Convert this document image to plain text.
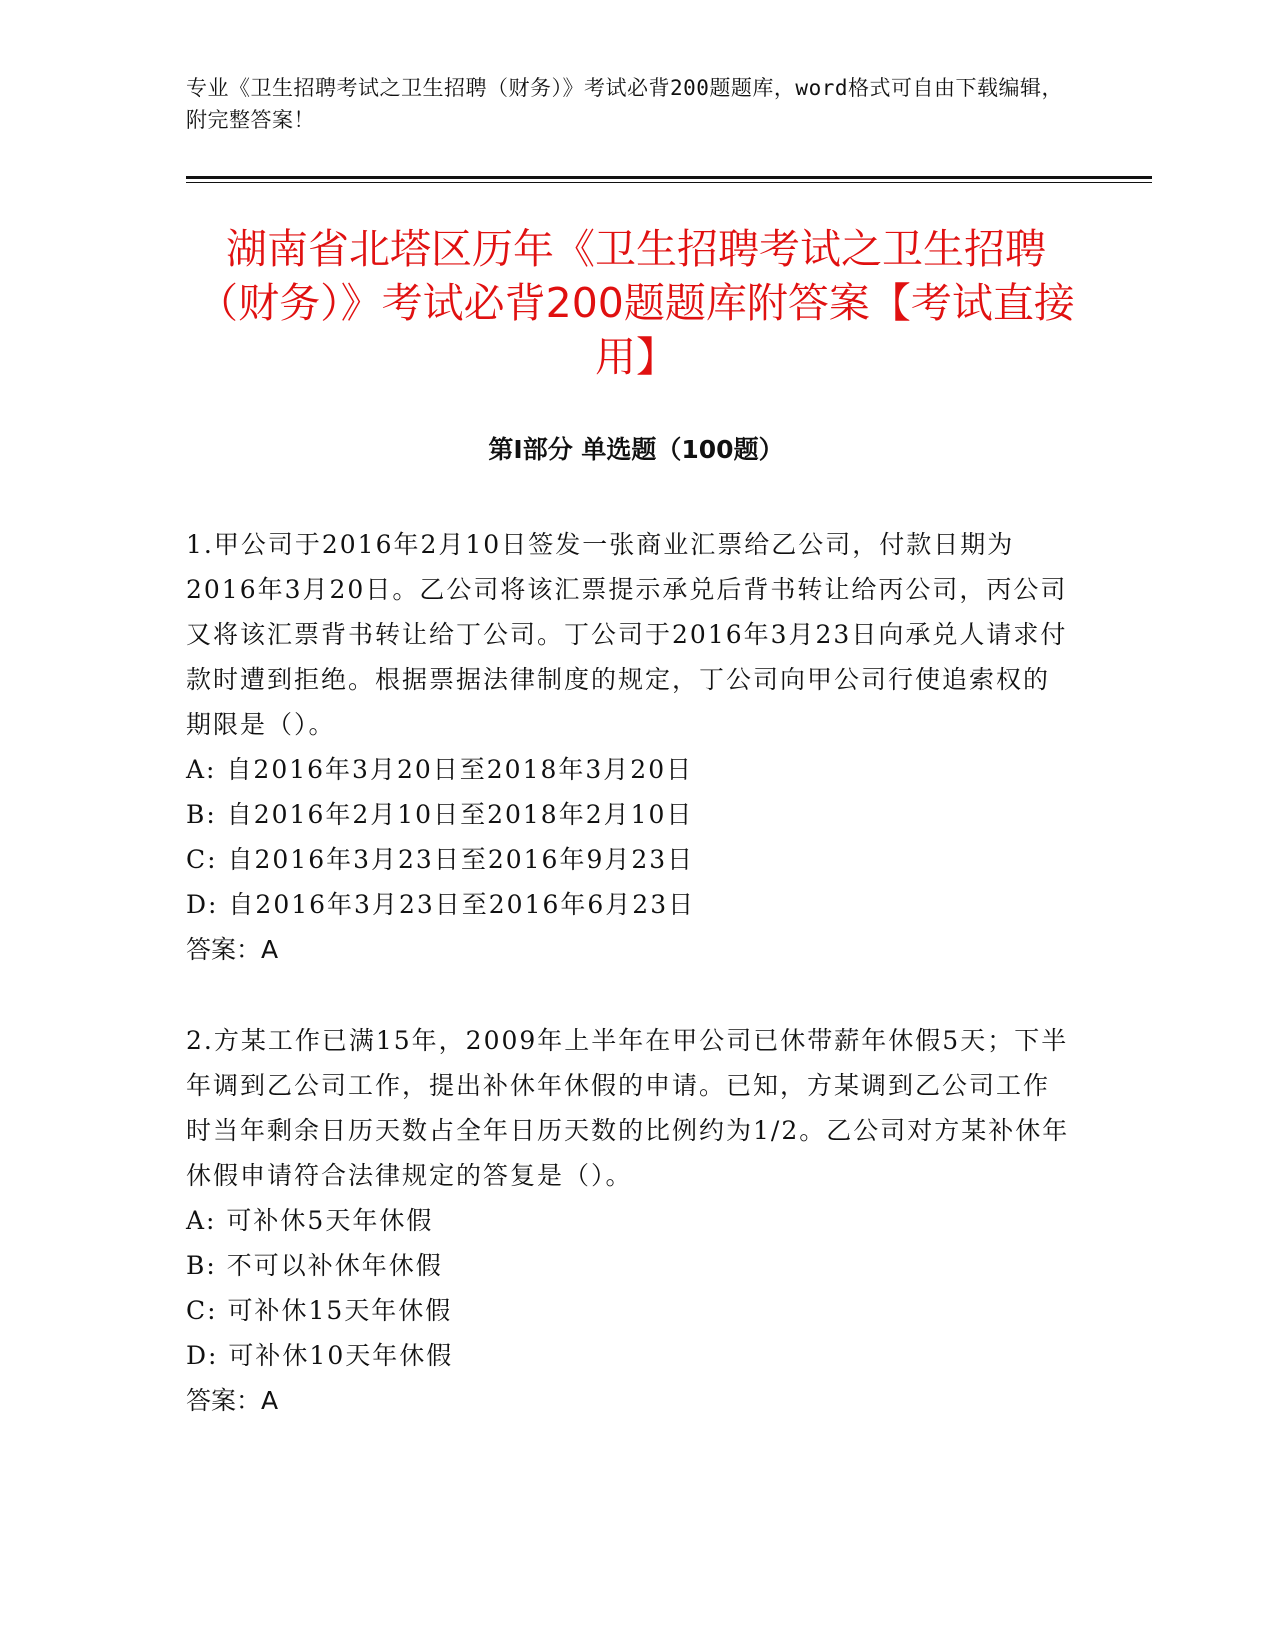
专业《卫生招聘考试之卫生招聘（财务）》考试必背200题题库，word格式可自由下载编辑，附完整答案！
湖南省北塔区历年《卫生招聘考试之卫生招聘（财务）》考试必背200题题库附答案【考试直接用】
第I部分 单选题（100题）

1.甲公司于2016年2月10日签发一张商业汇票给乙公司，付款日期为2016年3月20日。乙公司将该汇票提示承兑后背书转让给丙公司，丙公司又将该汇票背书转让给丁公司。丁公司于2016年3月23日向承兑人请求付款时遭到拒绝。根据票据法律制度的规定，丁公司向甲公司行使追索权的期限是（）。

A: 自2016年3月20日至2018年3月20日

B: 自2016年2月10日至2018年2月10日

C: 自2016年3月23日至2016年9月23日

D: 自2016年3月23日至2016年6月23日

答案：A

2.方某工作已满15年，2009年上半年在甲公司已休带薪年休假5天；下半年调到乙公司工作，提出补休年休假的申请。已知，方某调到乙公司工作时当年剩余日历天数占全年日历天数的比例约为1/2。乙公司对方某补休年休假申请符合法律规定的答复是（）。

A: 可补休5天年休假

B: 不可以补休年休假

C: 可补休15天年休假

D: 可补休10天年休假

答案：A
